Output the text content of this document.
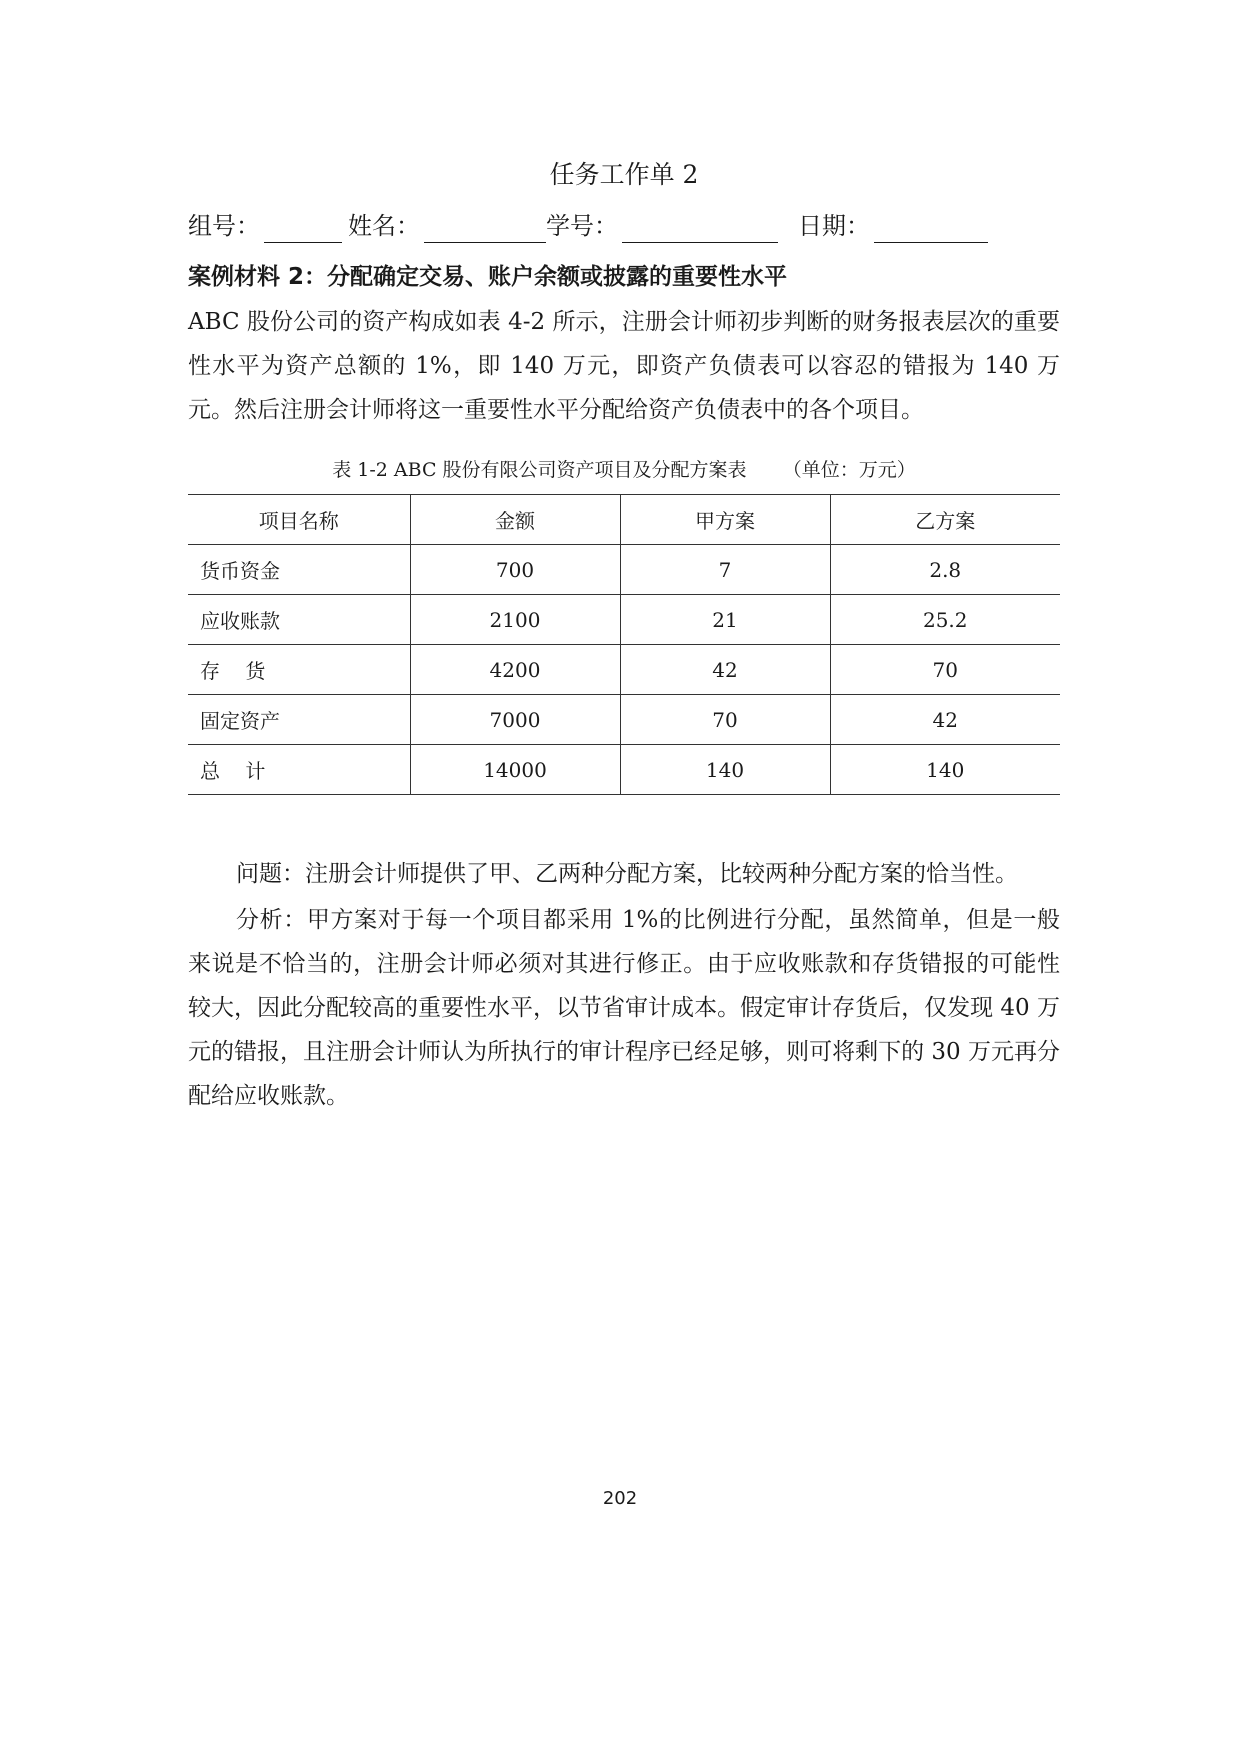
任务工作单 2
组号：	姓名：	学号：	日期：
案例材料 2：分配确定交易、账户余额或披露的重要性水平
ABC 股份公司的资产构成如表 4-2 所示，注册会计师初步判断的财务报表层次的重要性水平为资产总额的 1%，即 140 万元，即资产负债表可以容忍的错报为 140 万元。然后注册会计师将这一重要性水平分配给资产负债表中的各个项目。
表 1-2 ABC 股份有限公司资产项目及分配方案表      （单位：万元）
项目名称	金额	甲方案	乙方案
货币资金	700	7	2.8
应收账款	2100	21	25.2
存    货	4200	42	70
固定资产	7000	70	42
总    计	14000	140	140
问题：注册会计师提供了甲、乙两种分配方案，比较两种分配方案的恰当性。
分析：甲方案对于每一个项目都采用 1%的比例进行分配，虽然简单，但是一般来说是不恰当的，注册会计师必须对其进行修正。由于应收账款和存货错报的可能性较大，因此分配较高的重要性水平，以节省审计成本。假定审计存货后，仅发现 40 万元的错报，且注册会计师认为所执行的审计程序已经足够，则可将剩下的 30 万元再分配给应收账款。
202
